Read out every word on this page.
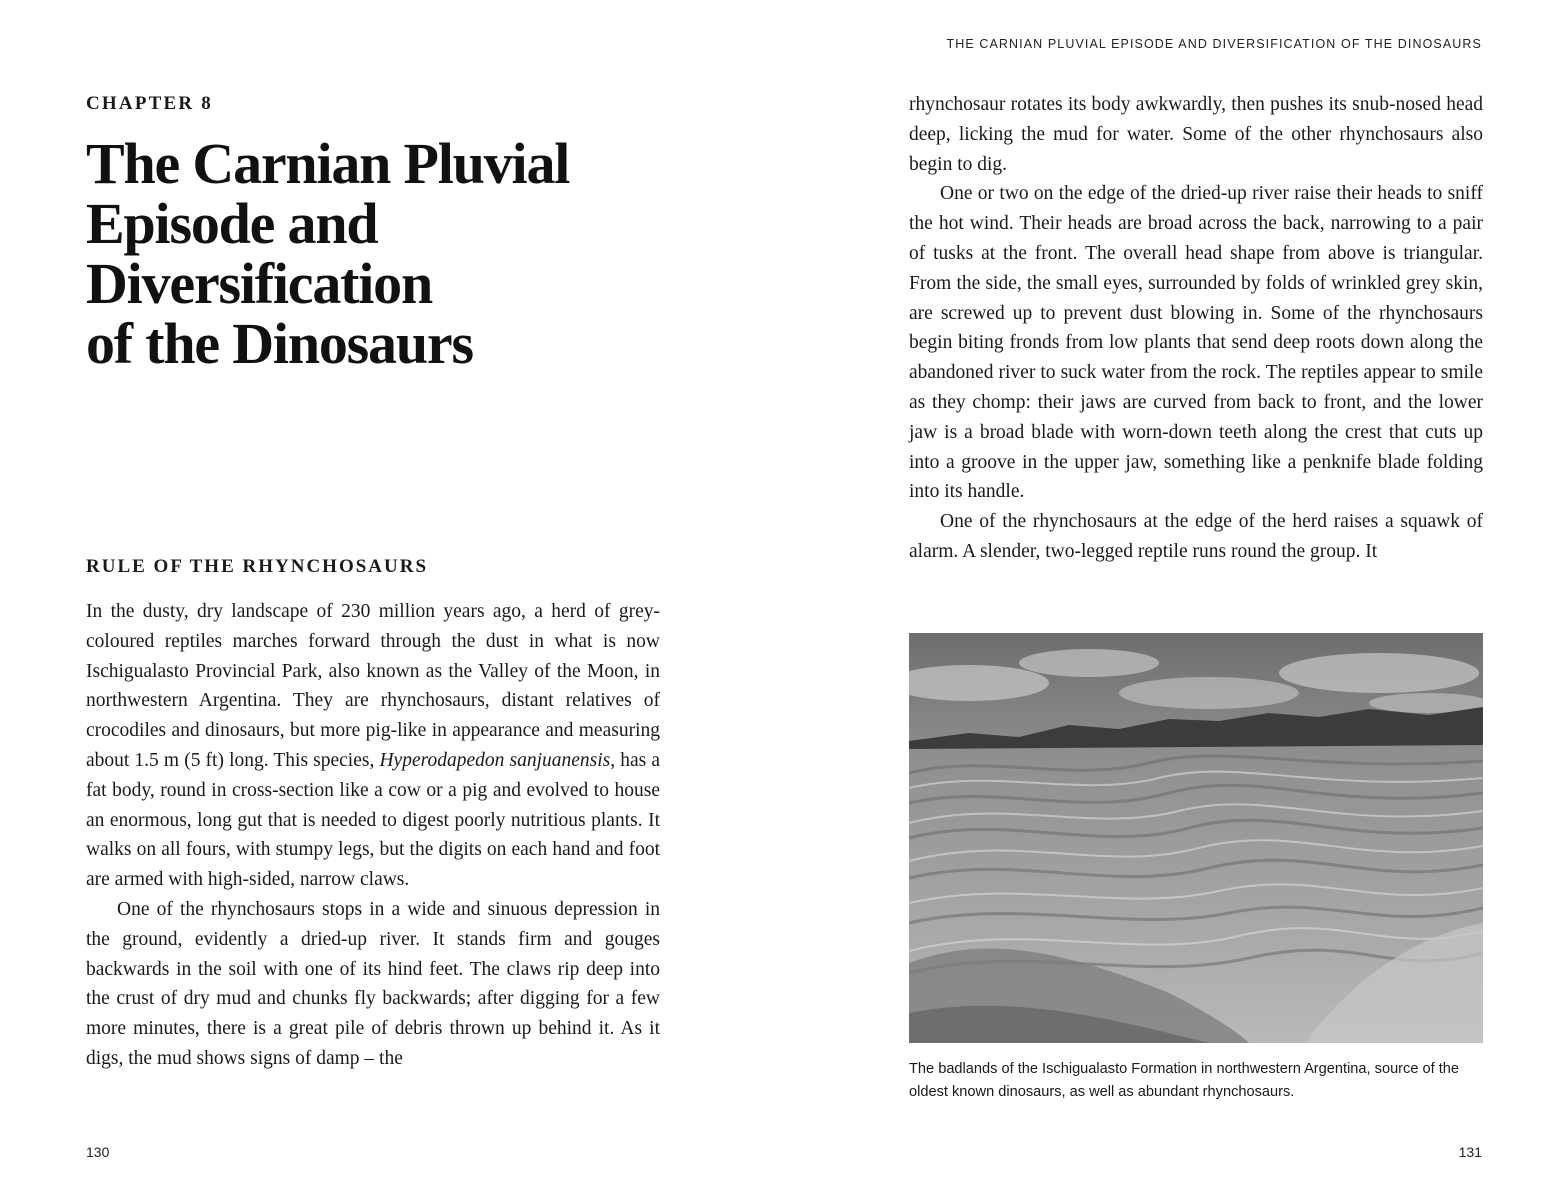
CHAPTER 8
The Carnian Pluvial
Episode and
Diversification
of the Dinosaurs
RULE OF THE RHYNCHOSAURS

In the dusty, dry landscape of 230 million years ago, a herd of grey-coloured reptiles marches forward through the dust in what is now Ischigualasto Provincial Park, also known as the Valley of the Moon, in northwestern Argentina. They are rhynchosaurs, distant relatives of crocodiles and dinosaurs, but more pig-like in appearance and measuring about 1.5 m (5 ft) long. This species, Hyperodapedon sanjuanensis, has a fat body, round in cross-section like a cow or a pig and evolved to house an enormous, long gut that is needed to digest poorly nutritious plants. It walks on all fours, with stumpy legs, but the digits on each hand and foot are armed with high-sided, narrow claws.

One of the rhynchosaurs stops in a wide and sinuous depression in the ground, evidently a dried-up river. It stands firm and gouges backwards in the soil with one of its hind feet. The claws rip deep into the crust of dry mud and chunks fly backwards; after digging for a few more minutes, there is a great pile of debris thrown up behind it. As it digs, the mud shows signs of damp – the

130
THE CARNIAN PLUVIAL EPISODE AND DIVERSIFICATION OF THE DINOSAURS

rhynchosaur rotates its body awkwardly, then pushes its snub-nosed head deep, licking the mud for water. Some of the other rhynchosaurs also begin to dig.

One or two on the edge of the dried-up river raise their heads to sniff the hot wind. Their heads are broad across the back, narrowing to a pair of tusks at the front. The overall head shape from above is triangular. From the side, the small eyes, surrounded by folds of wrinkled grey skin, are screwed up to prevent dust blowing in. Some of the rhynchosaurs begin biting fronds from low plants that send deep roots down along the abandoned river to suck water from the rock. The reptiles appear to smile as they chomp: their jaws are curved from back to front, and the lower jaw is a broad blade with worn-down teeth along the crest that cuts up into a groove in the upper jaw, something like a penknife blade folding into its handle.

One of the rhynchosaurs at the edge of the herd raises a squawk of alarm. A slender, two-legged reptile runs round the group. It

The badlands of the Ischigualasto Formation in northwestern Argentina, source of the oldest known dinosaurs, as well as abundant rhynchosaurs.
131
